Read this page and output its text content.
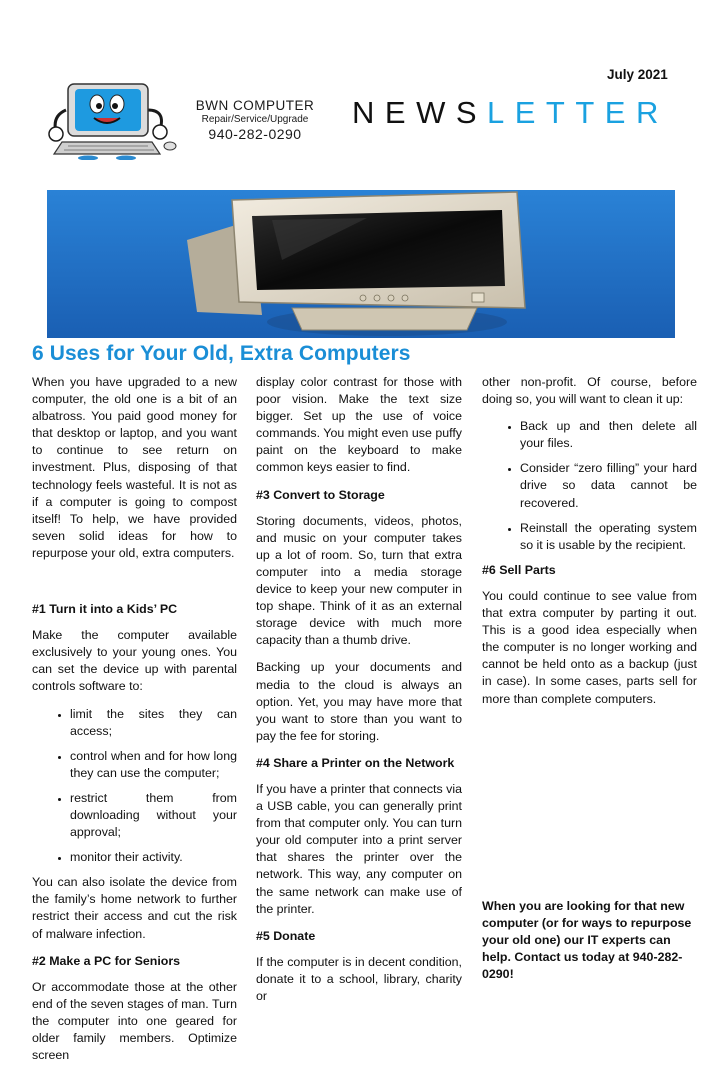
July 2021
BWN COMPUTER
Repair/Service/Upgrade
940-282-0290
NEWSLETTER
6 Uses for Your Old, Extra Computers

When you have upgraded to a new computer, the old one is a bit of an albatross. You paid good money for that desktop or laptop, and you want to continue to see return on investment. Plus, disposing of that technology feels wasteful. It is not as if a computer is going to compost itself! To help, we have provided seven solid ideas for how to repurpose your old, extra computers.

#1 Turn it into a Kids’ PC

Make the computer available exclusively to your young ones. You can set the device up with parental controls software to:

• limit the sites they can access;
• control when and for how long they can use the computer;
• restrict them from downloading without your approval;
• monitor their activity.

You can also isolate the device from the family’s home network to further restrict their access and cut the risk of malware infection.

#2 Make a PC for Seniors

Or accommodate those at the other end of the seven stages of man. Turn the computer into one geared for older family members. Optimize screen

display color contrast for those with poor vision. Make the text size bigger. Set up the use of voice commands. You might even use puffy paint on the keyboard to make common keys easier to find.

#3 Convert to Storage

Storing documents, videos, photos, and music on your computer takes up a lot of room. So, turn that extra computer into a media storage device to keep your new computer in top shape. Think of it as an external storage device with much more capacity than a thumb drive.

Backing up your documents and media to the cloud is always an option. Yet, you may have more that you want to store than you want to pay the fee for storing.

#4 Share a Printer on the Network

If you have a printer that connects via a USB cable, you can generally print from that computer only. You can turn your old computer into a print server that shares the printer over the network. This way, any computer on the same network can make use of the printer.

#5 Donate

If the computer is in decent condition, donate it to a school, library, charity or

other non-profit. Of course, before doing so, you will want to clean it up:

• Back up and then delete all your files.
• Consider “zero filling” your hard drive so data cannot be recovered.
• Reinstall the operating system so it is usable by the recipient.
#6 Sell Parts

You could continue to see value from that extra computer by parting it out. This is a good idea especially when the computer is no longer working and cannot be held onto as a backup (just in case). In some cases, parts sell for more than complete computers.

When you are looking for that new computer (or for ways to repurpose your old one) our IT experts can help. Contact us today at 940-282-0290!
